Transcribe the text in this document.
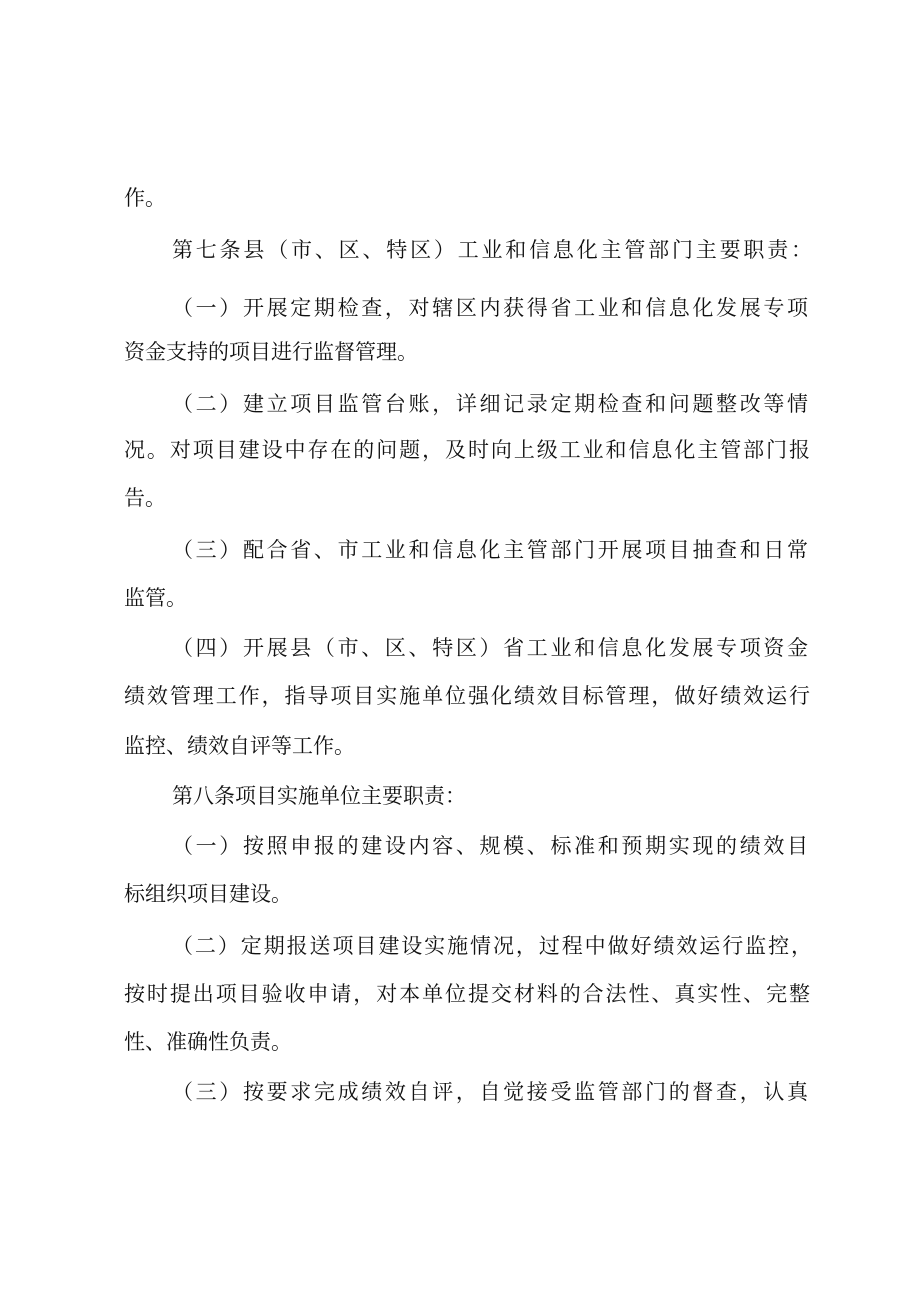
作。
第七条县（市、区、特区）工业和信息化主管部门主要职责：
（一）开展定期检查，对辖区内获得省工业和信息化发展专项
资金支持的项目进行监督管理。
（二）建立项目监管台账，详细记录定期检查和问题整改等情
况。对项目建设中存在的问题，及时向上级工业和信息化主管部门报
告。
（三）配合省、市工业和信息化主管部门开展项目抽查和日常
监管。
（四）开展县（市、区、特区）省工业和信息化发展专项资金
绩效管理工作，指导项目实施单位强化绩效目标管理，做好绩效运行
监控、绩效自评等工作。
第八条项目实施单位主要职责：
（一）按照申报的建设内容、规模、标准和预期实现的绩效目
标组织项目建设。
（二）定期报送项目建设实施情况，过程中做好绩效运行监控，
按时提出项目验收申请，对本单位提交材料的合法性、真实性、完整
性、准确性负责。
（三）按要求完成绩效自评，自觉接受监管部门的督查，认真
